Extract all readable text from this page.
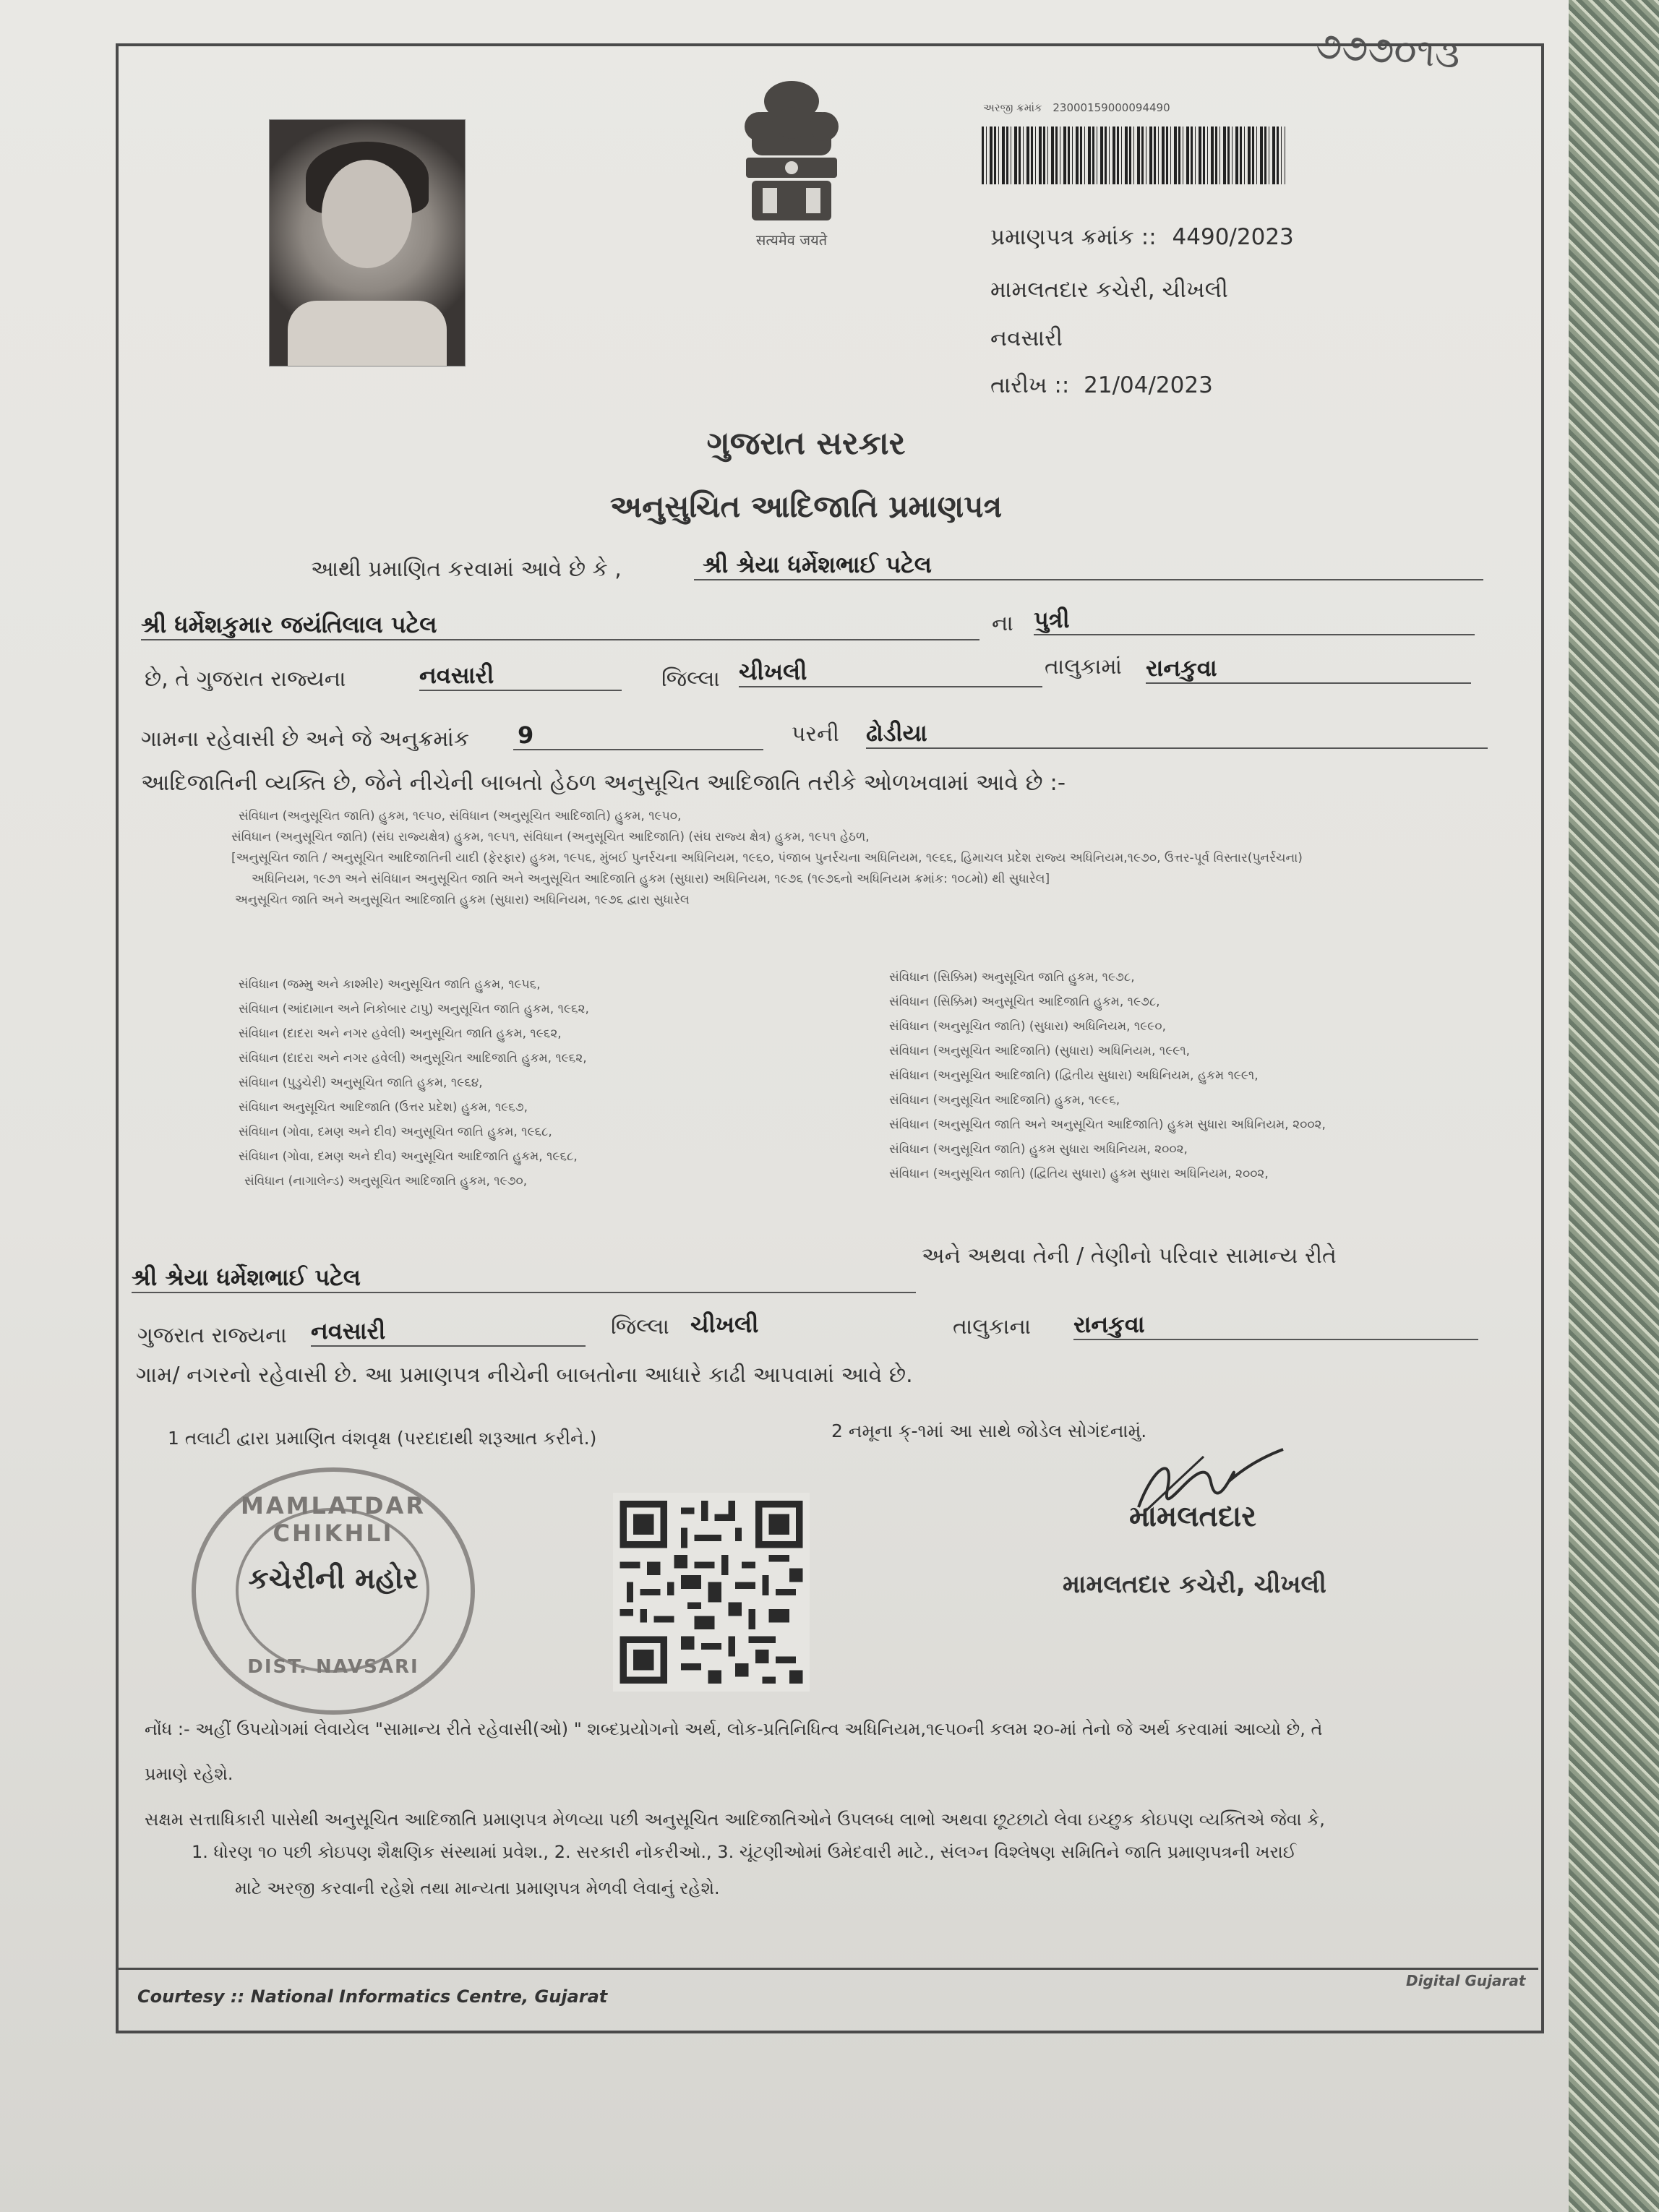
૭૭૭૦૧૩
सत्यमेव जयते
અરજી ક્રમાંક 23000159000094490
પ્રમાણપત્ર ક્રમાંક :: 4490/2023
મામલતદાર કચેરી, ચીખલી
નવસારી
તારીખ :: 21/04/2023
ગુજરાત સરકાર
અનુસુચિત આદિજાતિ પ્રમાણપત્ર
આથી પ્રમાણિત કરવામાં આવે છે કે ,	શ્રી શ્રેયા ધર્મેશભાઈ પટેલ
શ્રી ધર્મેશકુમાર જયંતિલાલ પટેલ	ના પુત્રી
છે, તે ગુજરાત રાજ્યના	નવસારી	જિલ્લા ચીખલી	તાલુકામાં રાનકુવા
ગામના રહેવાસી છે અને જે અનુક્રમાંક 9	પરની ઢોડીયા
આદિજાતિની વ્યક્તિ છે, જેને નીચેની બાબતો હેઠળ અનુસૂચિત આદિજાતિ તરીકે ઓળખવામાં આવે છે :-
સંવિધાન (અનુસૂચિત જાતિ) હુકમ, ૧૯૫૦, સંવિધાન (અનુસૂચિત આદિજાતિ) હુકમ, ૧૯૫૦,
સંવિધાન (અનુસૂચિત જાતિ) (સંઘ રાજ્યક્ષેત્ર) હુકમ, ૧૯૫૧, સંવિધાન (અનુસૂચિત આદિજાતિ) (સંઘ રાજ્ય ક્ષેત્ર) હુકમ, ૧૯૫૧ હેઠળ,
[અનુસૂચિત જાતિ / અનુસૂચિત આદિજાતિની યાદી (ફેરફાર) હુકમ, ૧૯૫૬, મુંબઈ પુનર્રચના અધિનિયમ, ૧૯૬૦, પંજાબ પુનર્રચના અધિનિયમ, ૧૯૬૬, હિમાચલ પ્રદેશ રાજ્ય અધિનિયમ,૧૯૭૦, ઉત્તર-પૂર્વ વિસ્તાર(પુનર્રચના)
અધિનિયમ, ૧૯૭૧ અને સંવિધાન અનુસૂચિત જાતિ અને અનુસૂચિત આદિજાતિ હુકમ (સુધારા) અધિનિયમ, ૧૯૭૬ (૧૯૭૬નો અધિનિયમ ક્રમાંક: ૧૦૮મો) થી સુધારેલ]
અનુસૂચિત જાતિ અને અનુસૂચિત આદિજાતિ હુકમ (સુધારા) અધિનિયમ, ૧૯૭૬ દ્વારા સુધારેલ
સંવિધાન (જમ્મુ અને કાશ્મીર) અનુસૂચિત જાતિ હુકમ, ૧૯૫૬,
સંવિધાન (આંદામાન અને નિકોબાર ટાપુ) અનુસૂચિત જાતિ હુકમ, ૧૯૬૨,
સંવિધાન (દાદરા અને નગર હવેલી) અનુસૂચિત જાતિ હુકમ, ૧૯૬૨,
સંવિધાન (દાદરા અને નગર હવેલી) અનુસૂચિત આદિજાતિ હુકમ, ૧૯૬૨,
સંવિધાન (પુડુચેરી) અનુસૂચિત જાતિ હુકમ, ૧૯૬૪,
સંવિધાન અનુસૂચિત આદિજાતિ (ઉત્તર પ્રદેશ) હુકમ, ૧૯૬૭,
સંવિધાન (ગોવા, દમણ અને દીવ) અનુસૂચિત જાતિ હુકમ, ૧૯૬૮,
સંવિધાન (ગોવા, દમણ અને દીવ) અનુસૂચિત આદિજાતિ હુકમ, ૧૯૬૮,
સંવિધાન (નાગાલેન્ડ) અનુસૂચિત આદિજાતિ હુકમ, ૧૯૭૦,
સંવિધાન (સિક્કિમ) અનુસૂચિત જાતિ હુકમ, ૧૯૭૮,
સંવિધાન (સિક્કિમ) અનુસૂચિત આદિજાતિ હુકમ, ૧૯૭૮,
સંવિધાન (અનુસૂચિત જાતિ) (સુધારા) અધિનિયમ, ૧૯૯૦,
સંવિધાન (અનુસૂચિત આદિજાતિ) (સુધારા) અધિનિયમ, ૧૯૯૧,
સંવિધાન (અનુસૂચિત આદિજાતિ) (દ્વિતીય સુધારા) અધિનિયમ, હુકમ ૧૯૯૧,
સંવિધાન (અનુસૂચિત આદિજાતિ) હુકમ, ૧૯૯૬,
સંવિધાન (અનુસૂચિત જાતિ અને અનુસૂચિત આદિજાતિ) હુકમ સુધારા અધિનિયમ, ૨૦૦૨,
સંવિધાન (અનુસૂચિત જાતિ) હુકમ સુધારા અધિનિયમ, ૨૦૦૨,
સંવિધાન (અનુસૂચિત જાતિ) (દ્વિતિય સુધારા) હુકમ સુધારા અધિનિયમ, ૨૦૦૨,
અને અથવા તેની / તેણીનો પરિવાર સામાન્ય રીતે
શ્રી શ્રેયા ધર્મેશભાઈ પટેલ
ગુજરાત રાજ્યના નવસારી	જિલ્લા ચીખલી	તાલુકાના રાનકુવા
ગામ/ નગરનો રહેવાસી છે. આ પ્રમાણપત્ર નીચેની બાબતોના આધારે કાઢી આપવામાં આવે છે.
1 તલાટી દ્વારા પ્રમાણિત વંશવૃક્ષ (પરદાદાથી શરૂઆત કરીને.)	2 નમૂના ક્-૧માં આ સાથે જોડેલ સોગંદનામું.
MAMLATDAR CHIKHLI
કચેરીની મહોર
DIST. NAVSARI
મામલતદાર
મામલતદાર કચેરી, ચીખલી
નોંધ :- અહીં ઉપયોગમાં લેવાયેલ "સામાન્ય રીતે રહેવાસી(ઓ) " શબ્દપ્રયોગનો અર્થ, લોક-પ્રતિનિધિત્વ અધિનિયમ,૧૯૫૦ની કલમ ૨૦-માં તેનો જે અર્થ કરવામાં આવ્યો છે, તે
પ્રમાણે રહેશે.
સક્ષમ સત્તાધિકારી પાસેથી અનુસૂચિત આદિજાતિ પ્રમાણપત્ર મેળવ્યા પછી અનુસૂચિત આદિજાતિઓને ઉપલબ્ધ લાભો અથવા છૂટછાટો લેવા ઇચ્છુક કોઇપણ વ્યક્તિએ જેવા કે,
1. ધોરણ ૧૦ પછી કોઇપણ શૈક્ષણિક સંસ્થામાં પ્રવેશ., 2. સરકારી નોકરીઓ., 3. ચૂંટણીઓમાં ઉમેદવારી માટે., સંલગ્ન વિશ્લેષણ સમિતિને જાતિ પ્રમાણપત્રની ખરાઈ
માટે અરજી કરવાની રહેશે તથા માન્યતા પ્રમાણપત્ર મેળવી લેવાનું રહેશે.
Courtesy :: National Informatics Centre, Gujarat
Digital Gujarat
